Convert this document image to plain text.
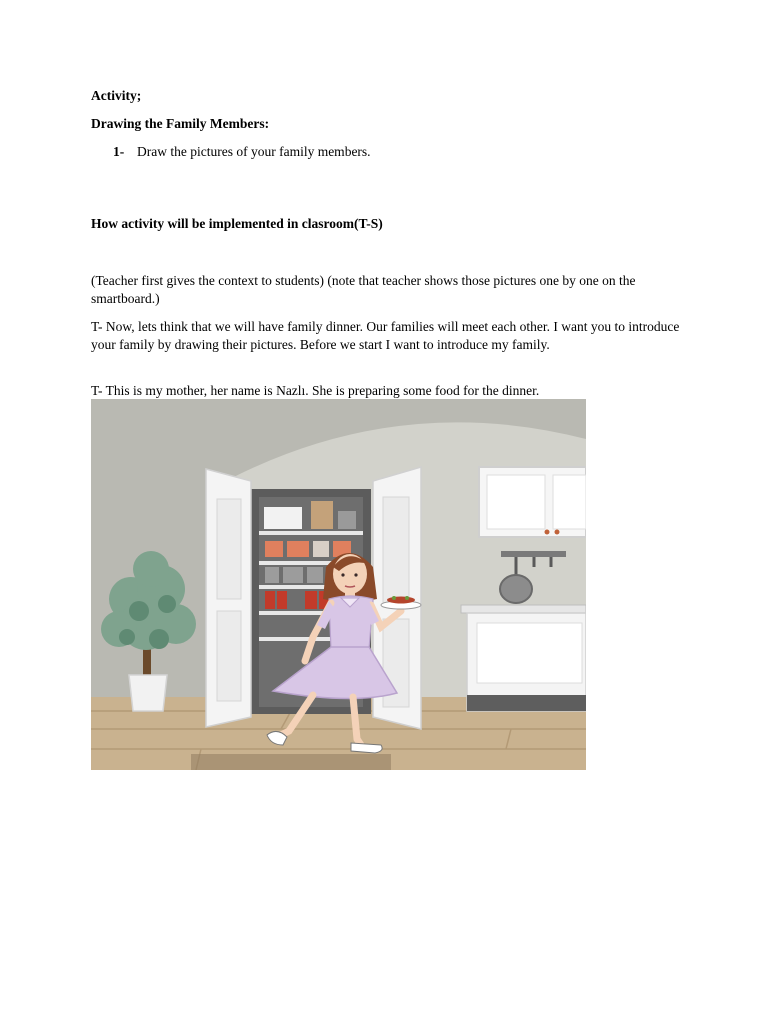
Activity;
Drawing the Family Members:
1- Draw the pictures of your family members.
How activity will be implemented in clasroom(T-S)
(Teacher first gives the context to students) (note that teacher shows those pictures one by one on the smartboard.)
T- Now, lets think that we will have family dinner. Our families will meet each other. I want you to introduce your family by drawing their pictures. Before we start I want to introduce my family.
T- This is my mother, her name is Nazlı. She is preparing some food for the dinner.
